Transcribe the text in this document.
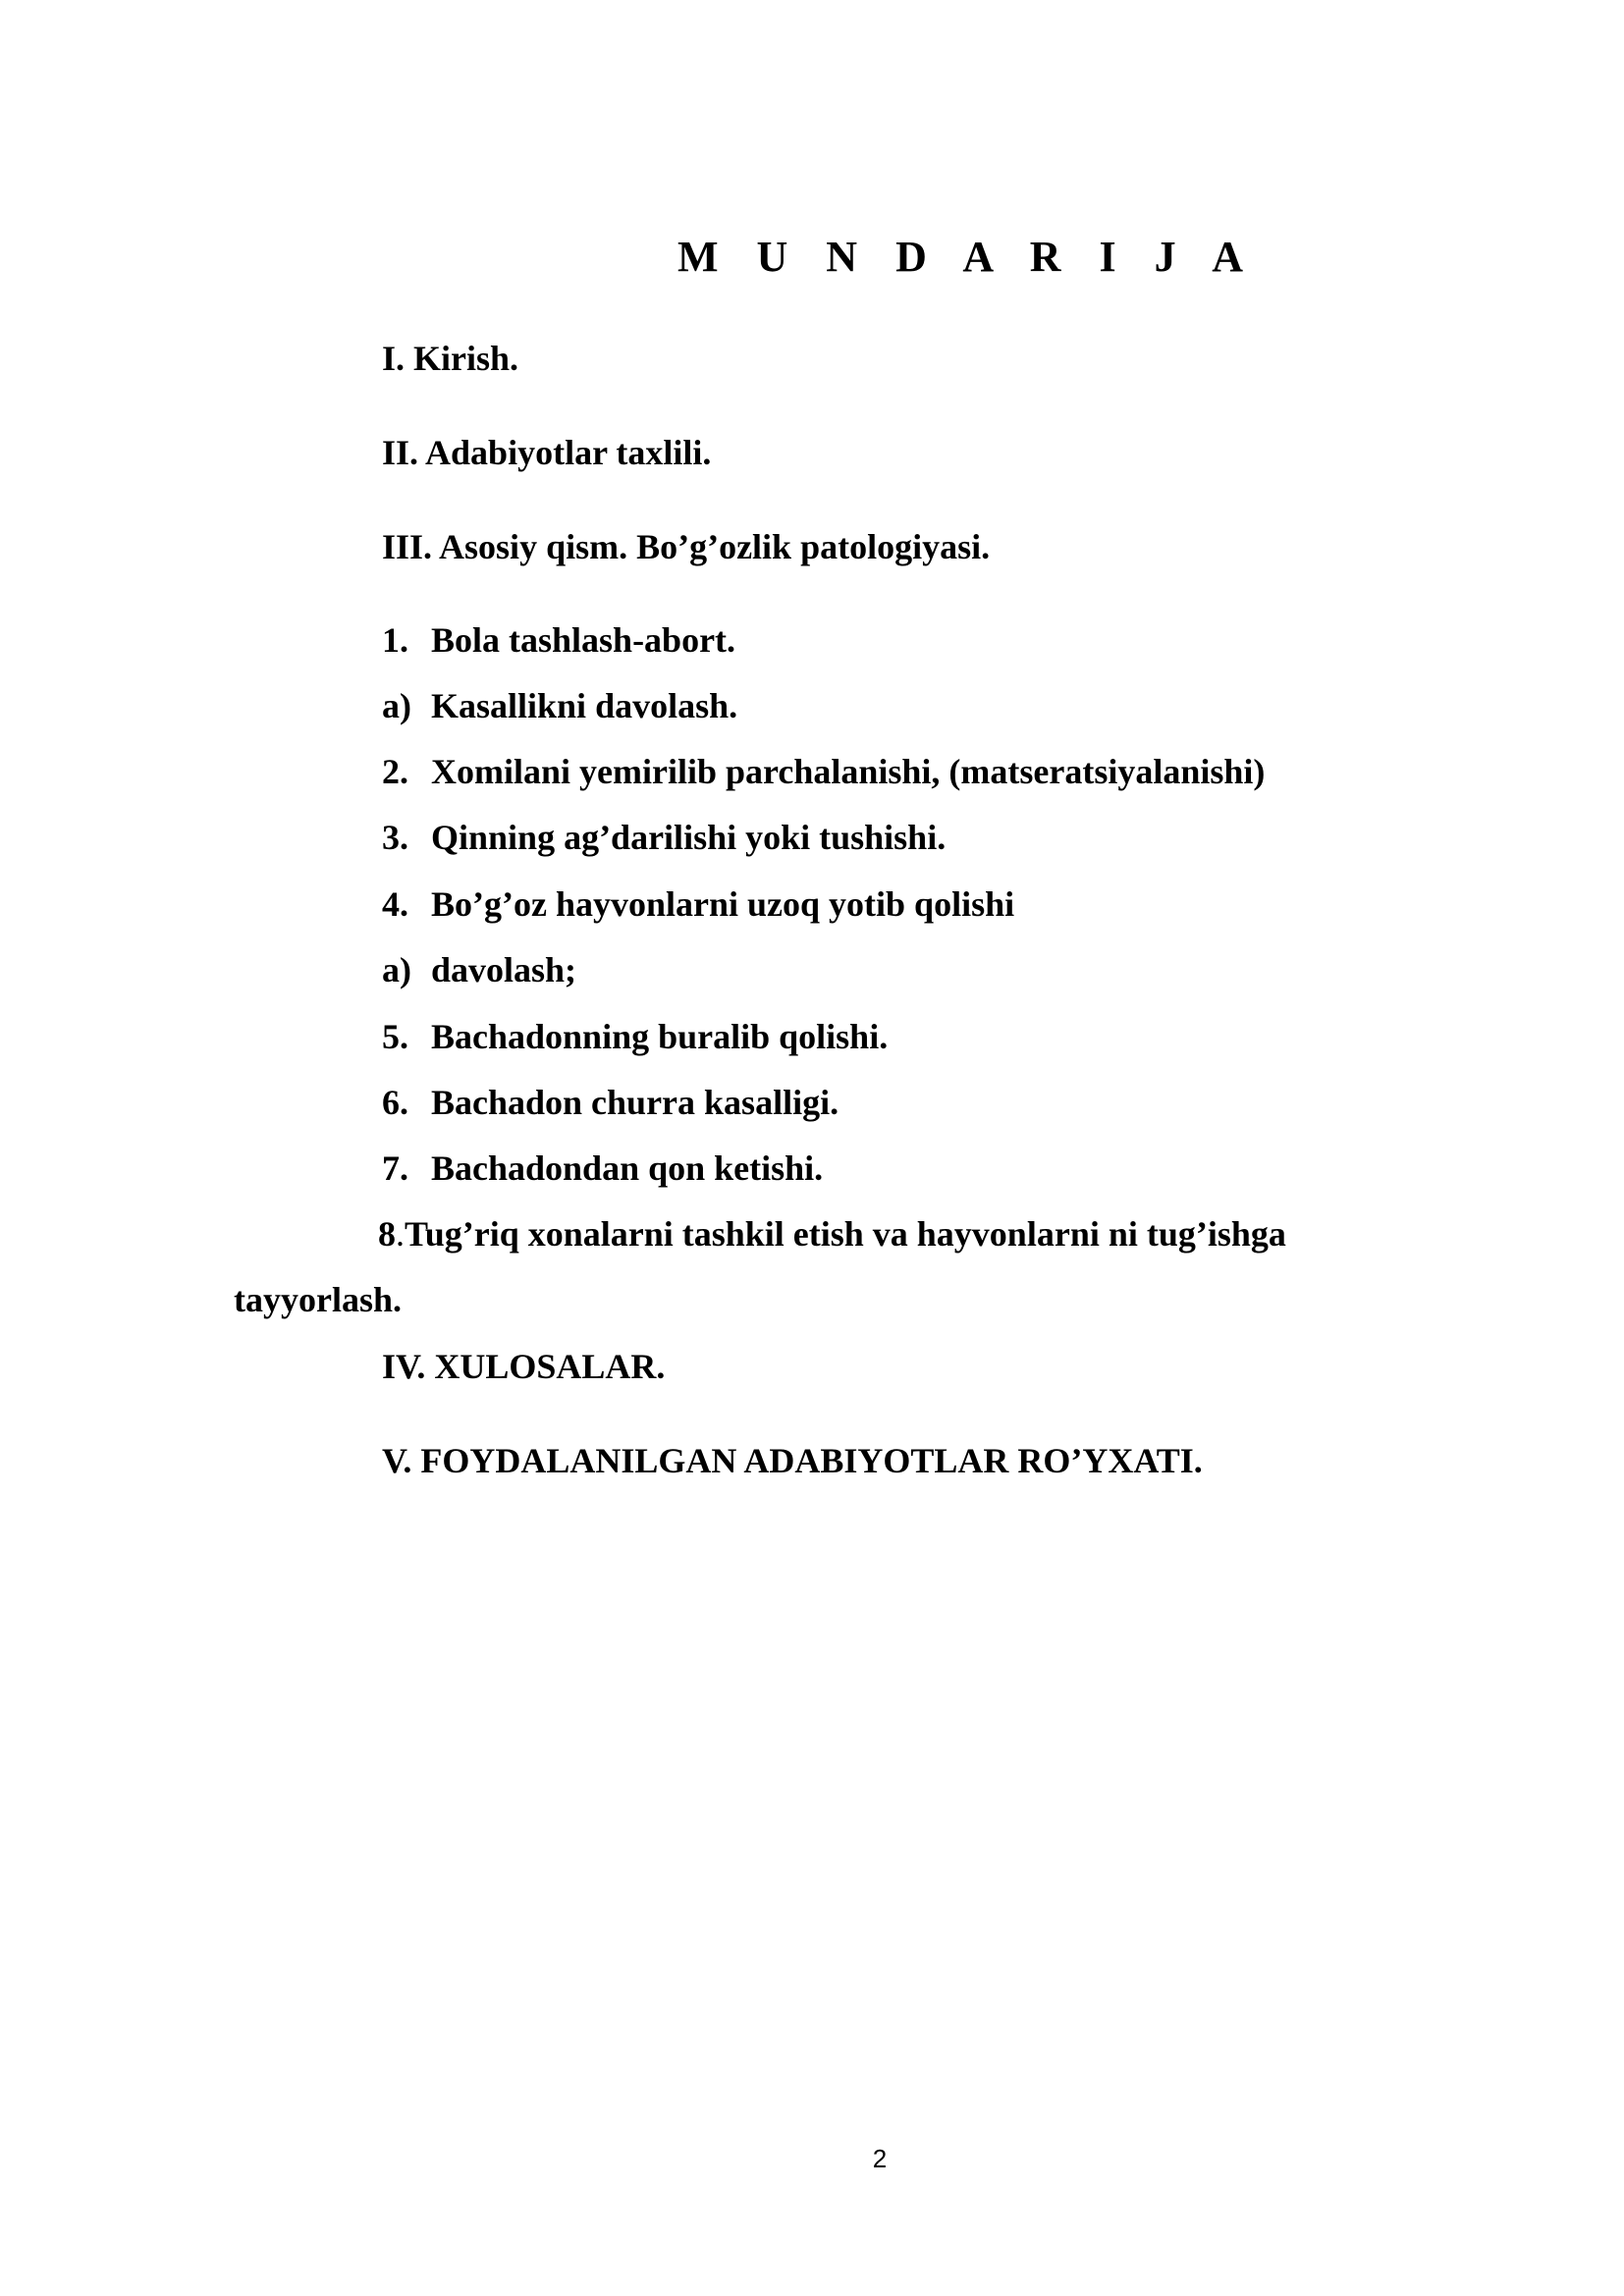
M U N D A R I J A
I. Kirish.
II. Adabiyotlar taxlili.
III. Asosiy qism. Bo’g’ozlik patologiyasi.
1. Bola tashlash-abort.
a) Kasallikni davolash.
2. Xomilani yemirilib parchalanishi, (matseratsiyalanishi)
3. Qinning ag’darilishi yoki tushishi.
4. Bo’g’oz hayvonlarni uzoq yotib qolishi
a) davolash;
5. Bachadonning buralib qolishi.
6. Bachadon churra kasalligi.
7. Bachadondan qon ketishi.
8.Tug’riq xonalarni tashkil etish va hayvonlarni ni tug’ishga
tayyorlash.
IV. XULOSALAR.
V. FOYDALANILGAN ADABIYOTLAR RO’YXATI.
2
